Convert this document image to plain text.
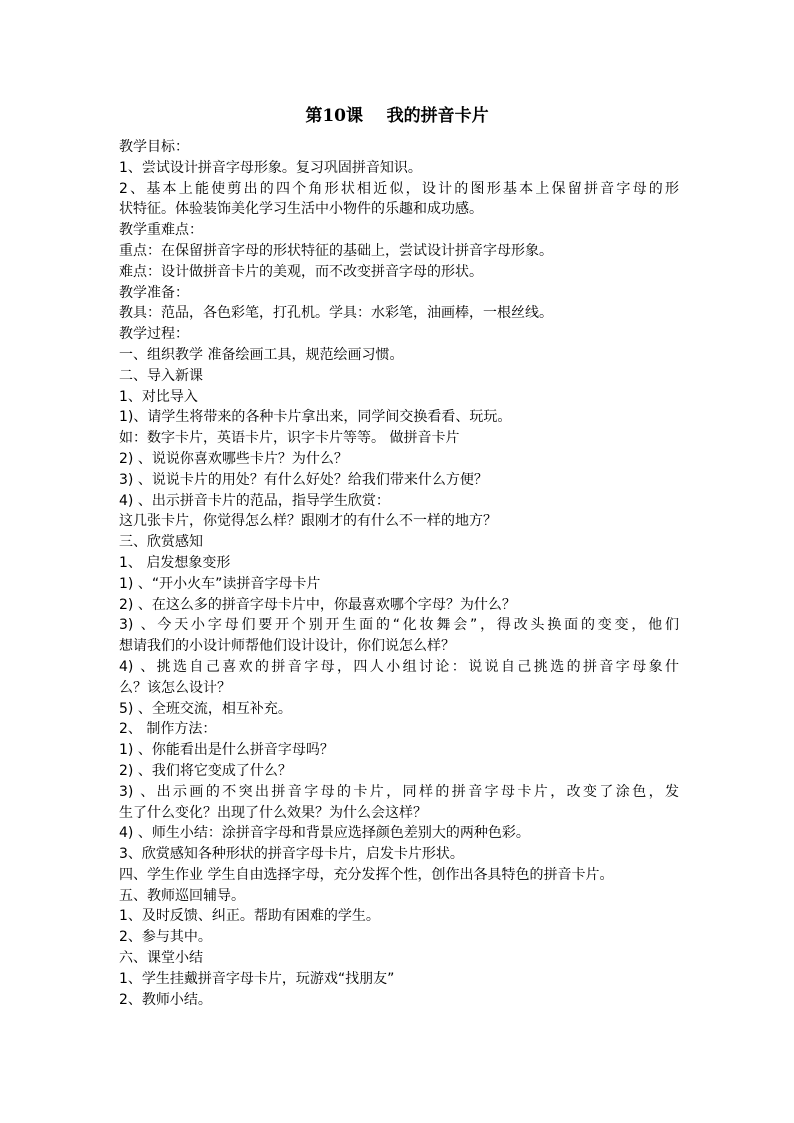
第10课    我的拼音卡片
教学目标：
1、尝试设计拼音字母形象。复习巩固拼音知识。
2、基本上能使剪出的四个角形状相近似，设计的图形基本上保留拼音字母的形
状特征。体验装饰美化学习生活中小物件的乐趣和成功感。
教学重难点：
重点：在保留拼音字母的形状特征的基础上，尝试设计拼音字母形象。
难点：设计做拼音卡片的美观，而不改变拼音字母的形状。
教学准备：
教具：范品，各色彩笔，打孔机。学具：水彩笔，油画棒，一根丝线。
教学过程：
一、组织教学 准备绘画工具，规范绘画习惯。
二、导入新课
1、对比导入
1)、请学生将带来的各种卡片拿出来，同学间交换看看、玩玩。
如：数字卡片，英语卡片，识字卡片等等。 做拼音卡片
2) 、说说你喜欢哪些卡片？为什么？
3) 、说说卡片的用处？有什么好处？给我们带来什么方便？
4) 、出示拼音卡片的范品，指导学生欣赏：
这几张卡片，你觉得怎么样？跟刚才的有什么不一样的地方？
三、欣赏感知
1、 启发想象变形
1) 、“开小火车”读拼音字母卡片
2) 、在这么多的拼音字母卡片中，你最喜欢哪个字母？为什么？
3) 、今天小字母们要开个别开生面的“化妆舞会”，得改头换面的变变，他们
想请我们的小设计师帮他们设计设计，你们说怎么样？
4) 、挑选自己喜欢的拼音字母，四人小组讨论：说说自己挑选的拼音字母象什
么？该怎么设计？
5) 、全班交流，相互补充。
2、 制作方法：
1) 、你能看出是什么拼音字母吗？
2) 、我们将它变成了什么？
3) 、出示画的不突出拼音字母的卡片，同样的拼音字母卡片，改变了涂色，发
生了什么变化？出现了什么效果？为什么会这样？
4) 、师生小结：涂拼音字母和背景应选择颜色差别大的两种色彩。
3、欣赏感知各种形状的拼音字母卡片，启发卡片形状。
四、学生作业 学生自由选择字母，充分发挥个性，创作出各具特色的拼音卡片。
五、教师巡回辅导。
1、及时反馈、纠正。帮助有困难的学生。
2、参与其中。
六、课堂小结
1、学生挂戴拼音字母卡片，玩游戏“找朋友”
2、教师小结。
